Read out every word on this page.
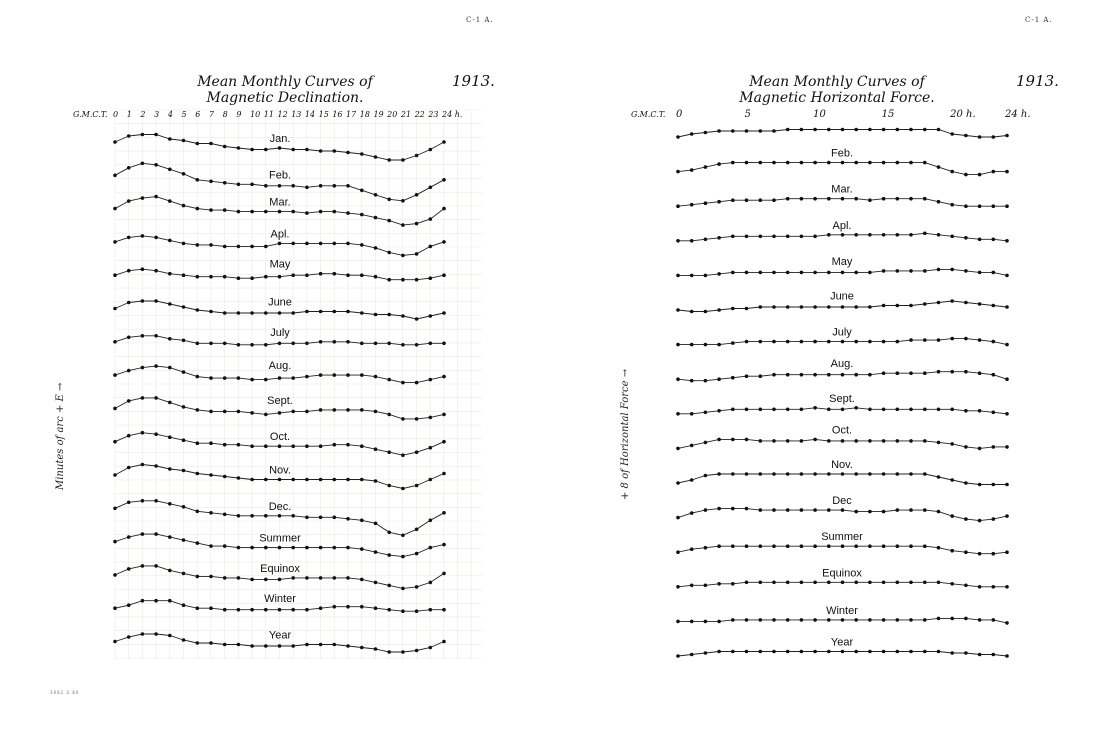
C-1 A.
Mean Monthly Curves of
Magnetic Declination.
1913.
3982 S.80
C-1 A.
Mean Monthly Curves of
Magnetic Horizontal Force.
1913.
G.M.C.T. 0 1 2 3 4 5 6 7 8 9 10 11 12 13 14 15 16 17 18 19 20 21 22 23 24 h.
Minutes of arc + E →
Jan.
Feb.
Mar.
Apl.
May
June
July
Aug.
Sept.
Oct.
Nov.
Dec.
Summer
Equinox
Winter
Year
G.M.C.T. 0	5	10	15	20 h.	24 h.
+ 8 of Horizontal Force →
Feb.
Mar.
Apl.
May
June
July
Aug.
Sept.
Oct.
Nov.
Dec
Summer
Equinox
Winter
Year
